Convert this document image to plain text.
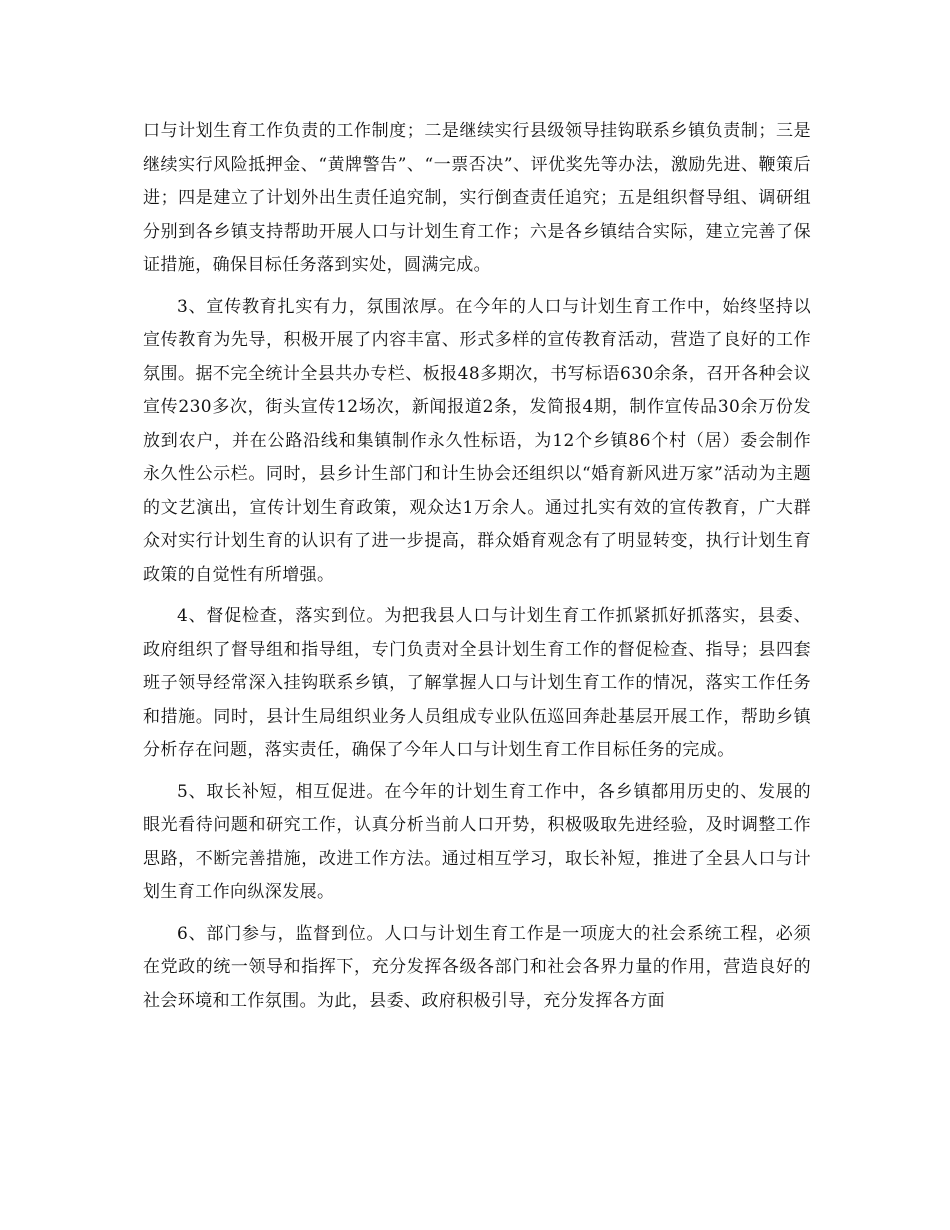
口与计划生育工作负责的工作制度；二是继续实行县级领导挂钩联系乡镇负责制；三是继续实行风险抵押金、“黄牌警告”、“一票否决”、评优奖先等办法，激励先进、鞭策后进；四是建立了计划外出生责任追究制，实行倒查责任追究；五是组织督导组、调研组分别到各乡镇支持帮助开展人口与计划生育工作；六是各乡镇结合实际，建立完善了保证措施，确保目标任务落到实处，圆满完成。

3、宣传教育扎实有力，氛围浓厚。在今年的人口与计划生育工作中，始终坚持以宣传教育为先导，积极开展了内容丰富、形式多样的宣传教育活动，营造了良好的工作氛围。据不完全统计全县共办专栏、板报48多期次，书写标语630余条，召开各种会议宣传230多次，街头宣传12场次，新闻报道2条，发简报4期，制作宣传品30余万份发放到农户，并在公路沿线和集镇制作永久性标语，为12个乡镇86个村（居）委会制作永久性公示栏。同时，县乡计生部门和计生协会还组织以“婚育新风进万家”活动为主题的文艺演出，宣传计划生育政策，观众达1万余人。通过扎实有效的宣传教育，广大群众对实行计划生育的认识有了进一步提高，群众婚育观念有了明显转变，执行计划生育政策的自觉性有所增强。

4、督促检查，落实到位。为把我县人口与计划生育工作抓紧抓好抓落实，县委、政府组织了督导组和指导组，专门负责对全县计划生育工作的督促检查、指导；县四套班子领导经常深入挂钩联系乡镇，了解掌握人口与计划生育工作的情况，落实工作任务和措施。同时，县计生局组织业务人员组成专业队伍巡回奔赴基层开展工作，帮助乡镇分析存在问题，落实责任，确保了今年人口与计划生育工作目标任务的完成。

5、取长补短，相互促进。在今年的计划生育工作中，各乡镇都用历史的、发展的眼光看待问题和研究工作，认真分析当前人口开势，积极吸取先进经验，及时调整工作思路，不断完善措施，改进工作方法。通过相互学习，取长补短，推进了全县人口与计划生育工作向纵深发展。

6、部门参与，监督到位。人口与计划生育工作是一项庞大的社会系统工程，必须在党政的统一领导和指挥下，充分发挥各级各部门和社会各界力量的作用，营造良好的社会环境和工作氛围。为此，县委、政府积极引导，充分发挥各方面
